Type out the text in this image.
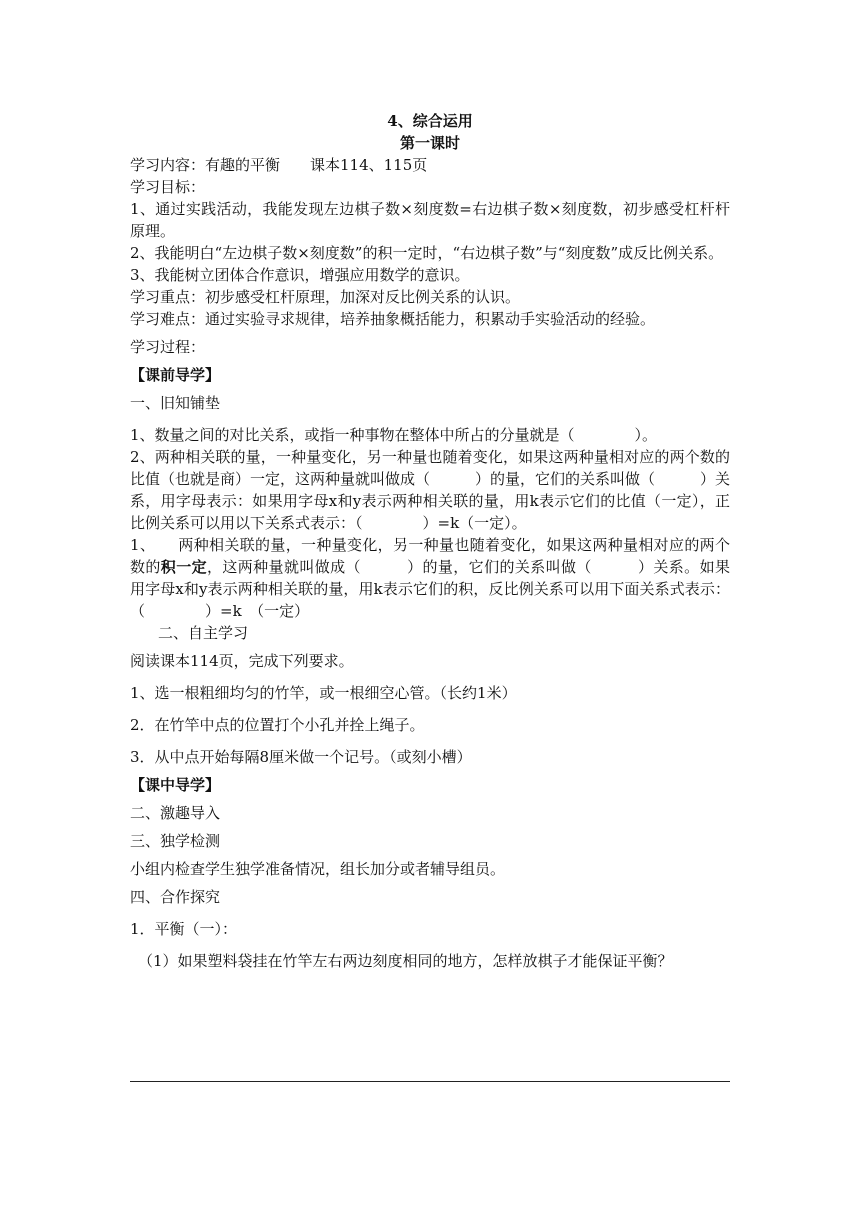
4、综合运用
第一课时
学习内容：有趣的平衡　　课本114、115页
学习目标：
1、通过实践活动，我能发现左边棋子数×刻度数=右边棋子数×刻度数，初步感受杠杆杆原理。
2、我能明白“左边棋子数×刻度数”的积一定时，“右边棋子数”与“刻度数”成反比例关系。
3、我能树立团体合作意识，增强应用数学的意识。
学习重点：初步感受杠杆原理，加深对反比例关系的认识。
学习难点：通过实验寻求规律，培养抽象概括能力，积累动手实验活动的经验。
学习过程：
【课前导学】
一、旧知铺垫
1、数量之间的对比关系，或指一种事物在整体中所占的分量就是（　　　　）。
2、两种相关联的量，一种量变化，另一种量也随着变化，如果这两种量相对应的两个数的比值（也就是商）一定，这两种量就叫做成（　　　）的量，它们的关系叫做（　　　）关系，用字母表示：如果用字母x和y表示两种相关联的量，用k表示它们的比值（一定），正比例关系可以用以下关系式表示：（　　　　）=k（一定）。
1、　　两种相关联的量，一种量变化，另一种量也随着变化，如果这两种量相对应的两个数的积一定，这两种量就叫做成（　　　）的量，它们的关系叫做（　　　）关系。如果用字母x和y表示两种相关联的量，用k表示它们的积，反比例关系可以用下面关系式表示：（　　　　）=k　（一定）
二、自主学习
阅读课本114页，完成下列要求。
1、选一根粗细均匀的竹竿，或一根细空心管。（长约1米）
2．在竹竿中点的位置打个小孔并拴上绳子。
3．从中点开始每隔8厘米做一个记号。（或刻小槽）
【课中导学】
二、激趣导入
三、独学检测
小组内检查学生独学准备情况，组长加分或者辅导组员。
四、合作探究
1．平衡（一）：
（1）如果塑料袋挂在竹竿左右两边刻度相同的地方，怎样放棋子才能保证平衡？
